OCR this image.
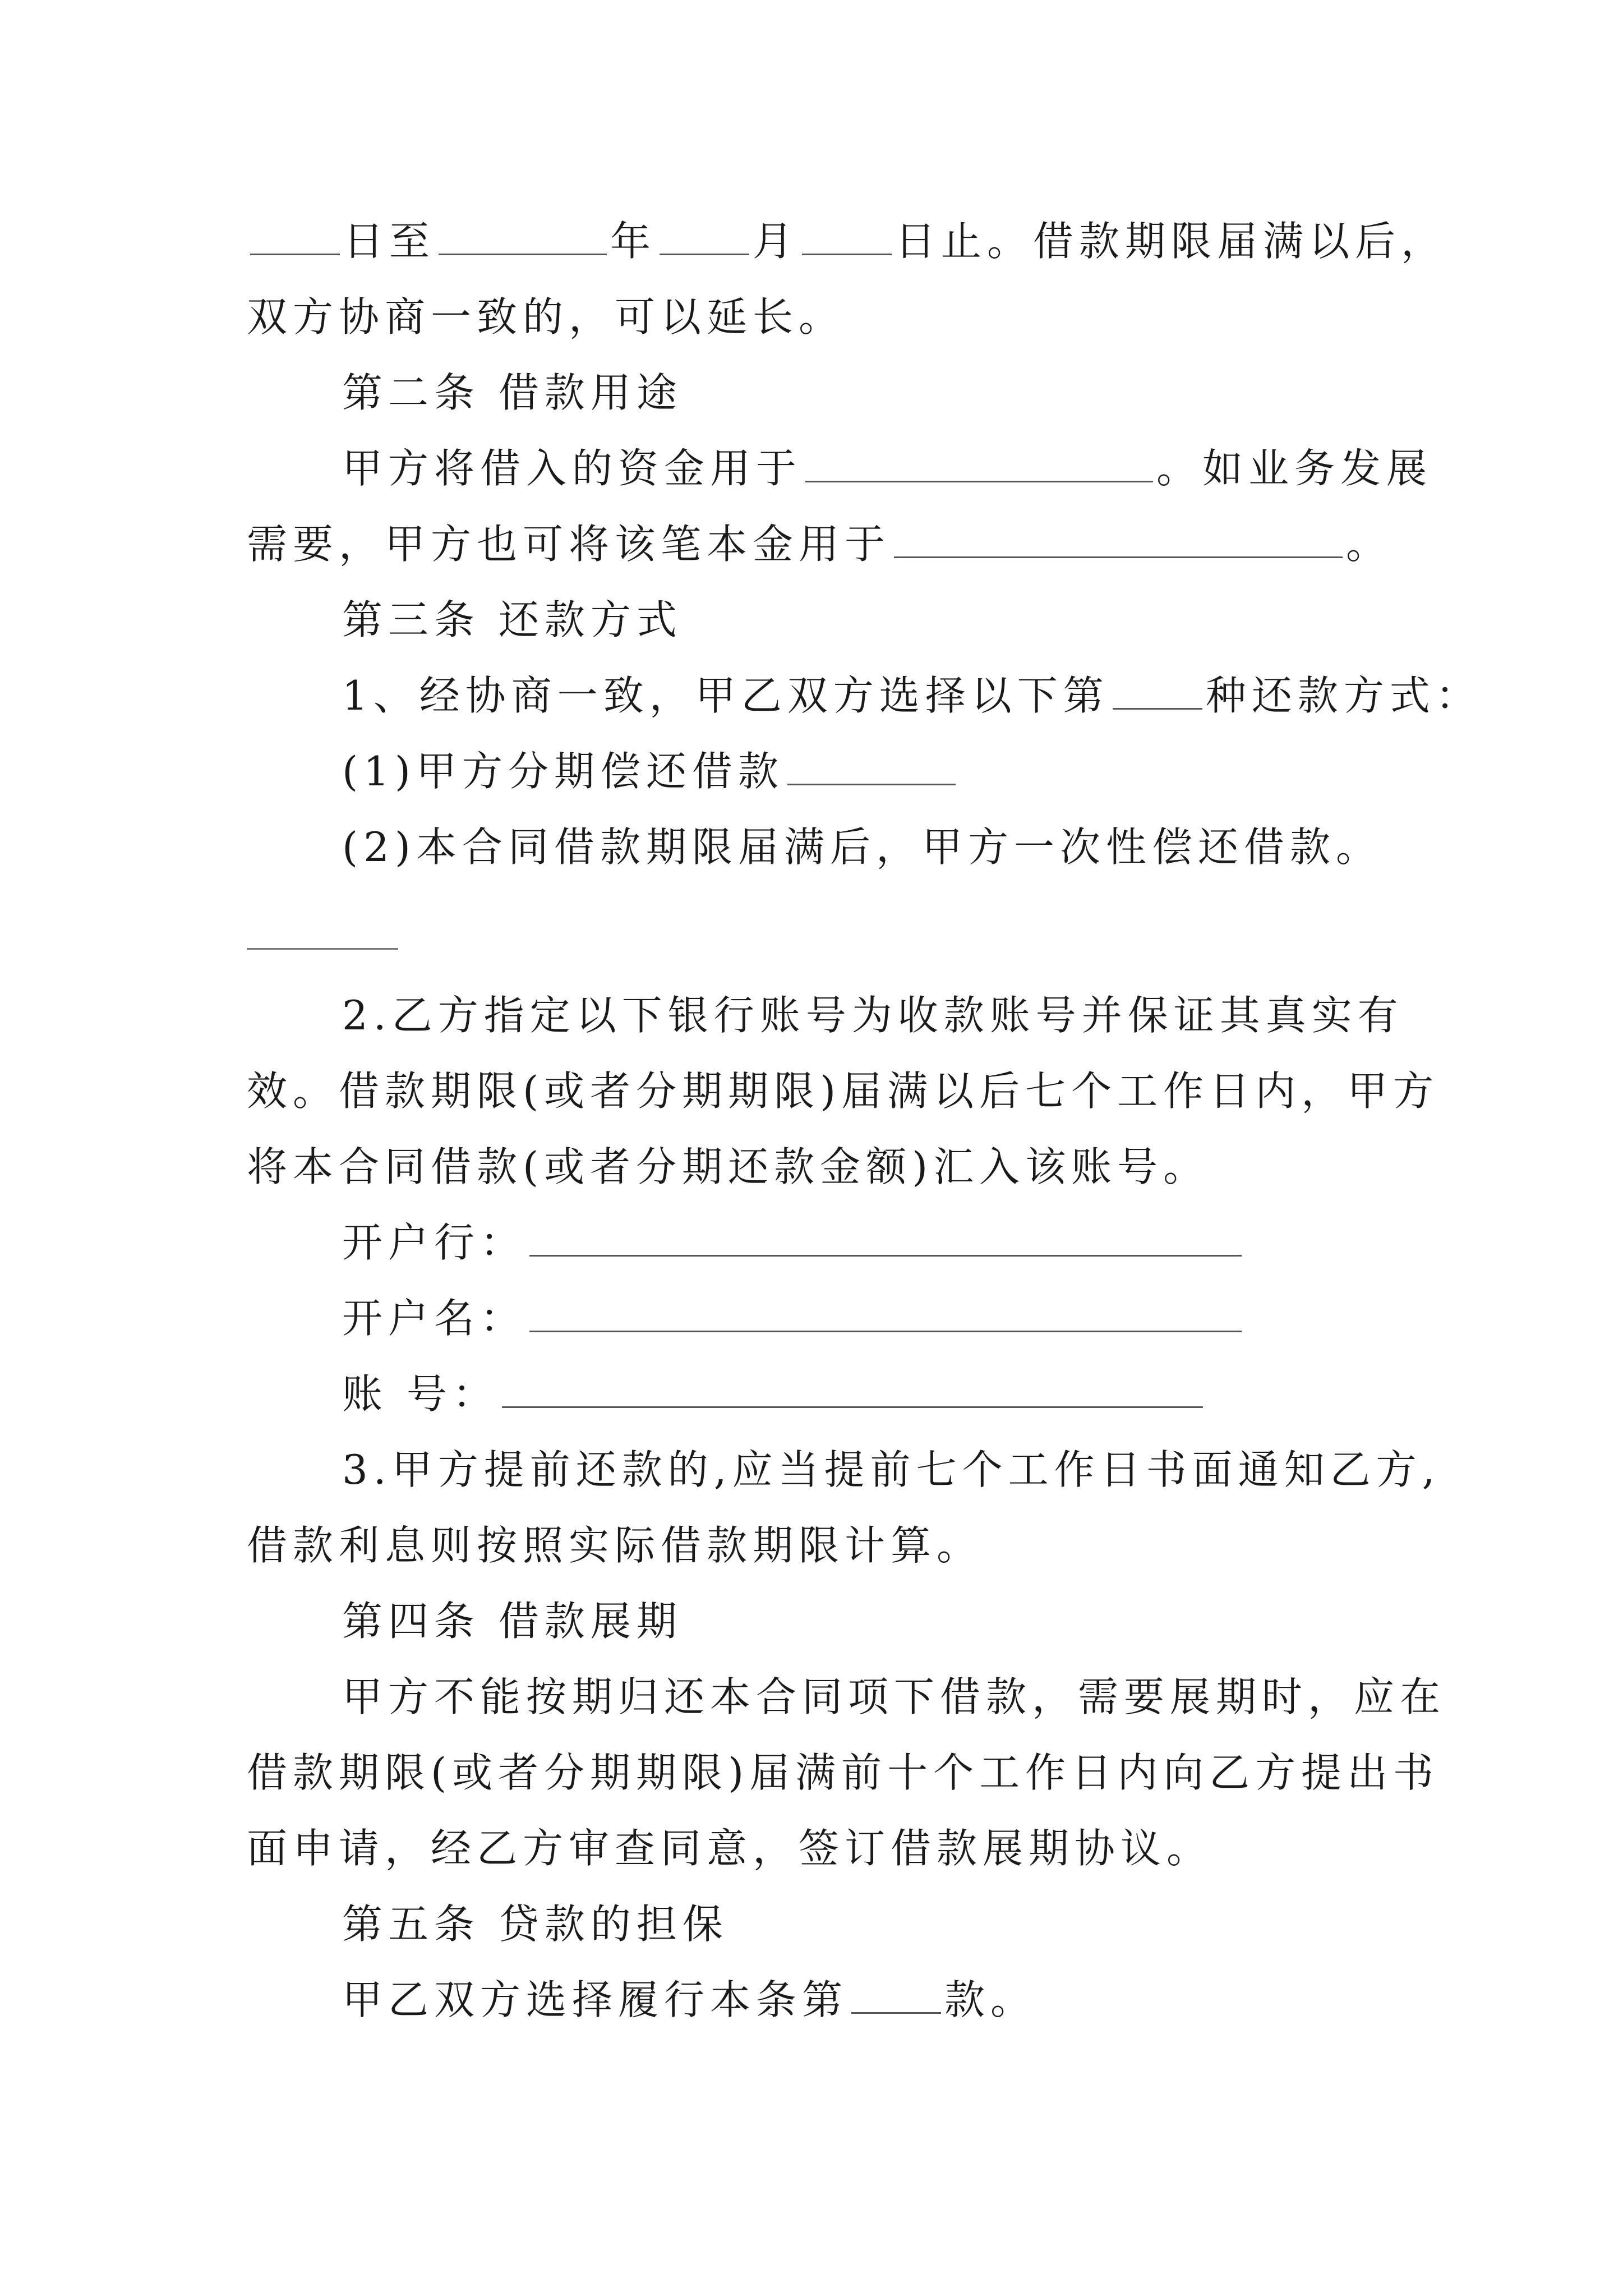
日至	年 月 日止。借款期限届满以后，
双方协商一致的，可以延长。
第二条 借款用途
甲方将借入的资金用于	。如业务发展
需要，甲方也可将该笔本金用于	。
第三条 还款方式
1、经协商一致，甲乙双方选择以下第 种还款方式：
(1)甲方分期偿还借款
(2)本合同借款期限届满后，甲方一次性偿还借款。
2.乙方指定以下银行账号为收款账号并保证其真实有
效。借款期限(或者分期期限)届满以后七个工作日内，甲方
将本合同借款(或者分期还款金额)汇入该账号。
开户行：
开户名：
账 号：
3.甲方提前还款的,应当提前七个工作日书面通知乙方,
借款利息则按照实际借款期限计算。
第四条 借款展期
甲方不能按期归还本合同项下借款，需要展期时，应在
借款期限(或者分期期限)届满前十个工作日内向乙方提出书
面申请，经乙方审查同意，签订借款展期协议。
第五条 贷款的担保
甲乙双方选择履行本条第 款。
